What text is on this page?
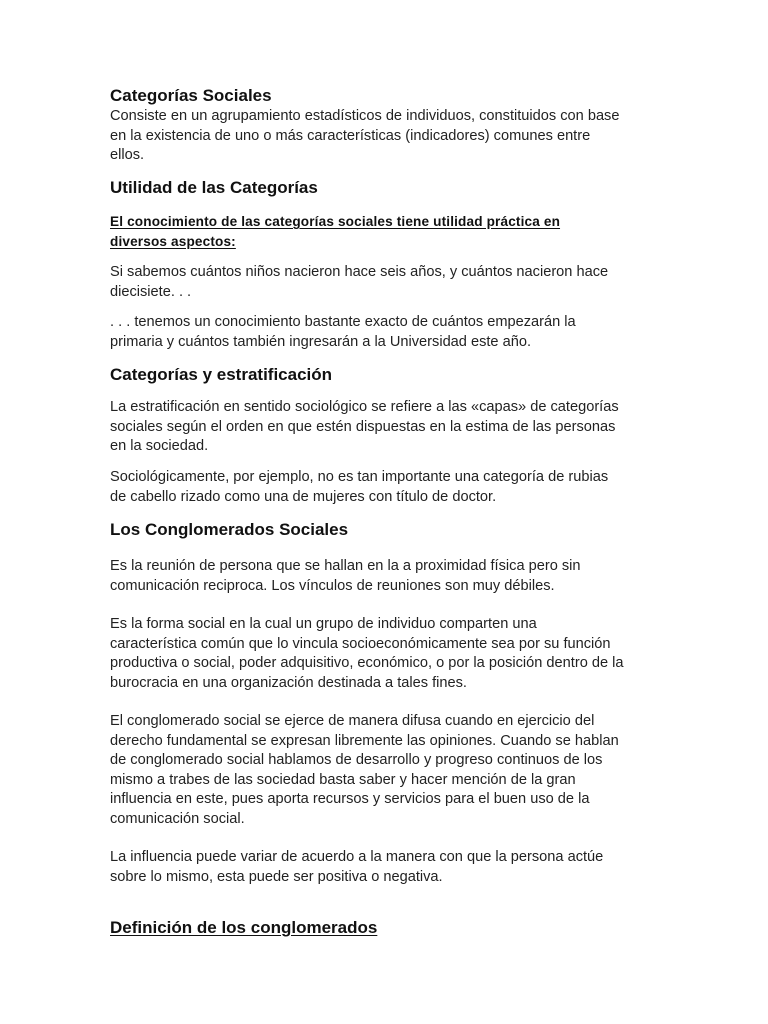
Categorías Sociales
Consiste en un agrupamiento estadísticos de individuos, constituidos con base
en la existencia de uno o más características (indicadores) comunes entre
ellos.
Utilidad de las Categorías
El conocimiento de las categorías sociales tiene utilidad práctica en
diversos aspectos:
Si sabemos cuántos niños nacieron hace seis años, y cuántos nacieron hace
diecisiete. . .
. . . tenemos un conocimiento bastante exacto de cuántos empezarán la
primaria y cuántos también ingresarán a la Universidad este año.
Categorías y estratificación
La estratificación en sentido sociológico se refiere a las «capas» de categorías
sociales según el orden en que estén dispuestas en la estima de las personas
en la sociedad.
Sociológicamente, por ejemplo, no es tan importante una categoría de rubias
de cabello rizado como una de mujeres con título de doctor.
Los Conglomerados Sociales
Es la reunión de persona que se hallan en la a proximidad física pero sin
comunicación reciproca. Los vínculos de reuniones son muy débiles.
Es la forma social en la cual un grupo de individuo comparten una
característica común que lo vincula socioeconómicamente sea por su función
productiva o social, poder adquisitivo, económico, o por la posición dentro de la
burocracia en una organización destinada a tales fines.
El conglomerado social se ejerce de manera difusa cuando en ejercicio del
derecho fundamental se expresan libremente las opiniones. Cuando se hablan
de conglomerado social hablamos de desarrollo y progreso continuos de los
mismo a trabes de las sociedad basta saber y hacer mención de la gran
influencia en este, pues aporta recursos y servicios para el buen uso de la
comunicación social.
La influencia puede variar de acuerdo a la manera con que la persona actúe
sobre lo mismo, esta puede ser positiva o negativa.
Definición de los conglomerados
